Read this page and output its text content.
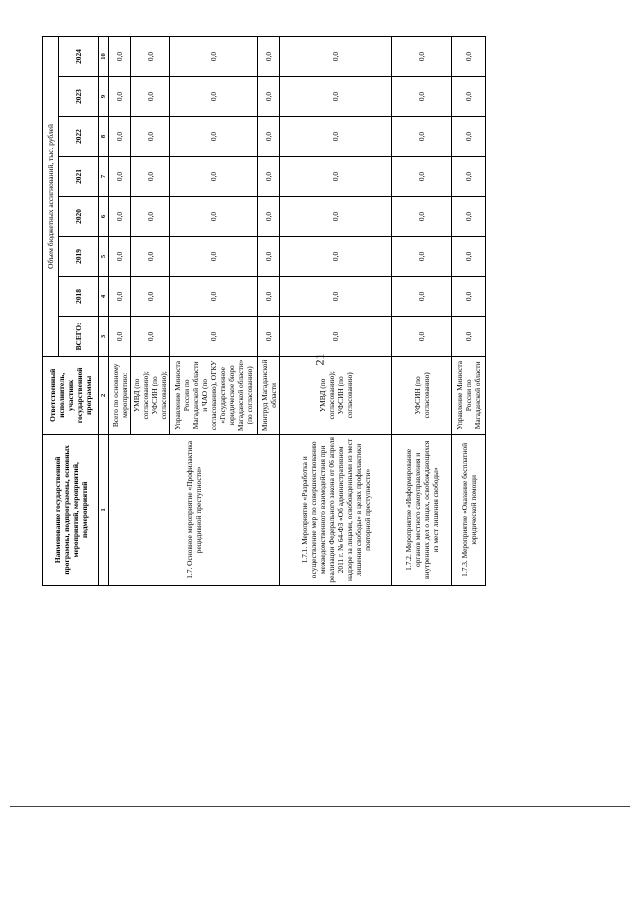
21
Наименование государственной программы, подпрограммы, основных мероприятий, мероприятий, подмероприятий	Ответственный исполнитель, участник государственной программы	Объем бюджетных ассигнований, тыс. рублей							
		ВСЕГО:	2018	2019	2020	2021	2022	2023	2024
1	2	3	4	5	6	7	8	9	10
1.7. Основное мероприятие «Профилактика рецидивной преступности»	Всего по основному мероприятию:	0,0	0,0	0,0	0,0	0,0	0,0	0,0	0,0
	УМВД (по согласованию); УФСИН (по согласованию);	0,0	0,0	0,0	0,0	0,0	0,0	0,0	0,0
	Управление Минюста России по Магаданской области и ЧАО (по согласованию), ОГКУ «Государственное юридическое бюро Магаданской области» (по согласованию)	0,0	0,0	0,0	0,0	0,0	0,0	0,0	0,0
	Минтруд Магаданской области	0,0	0,0	0,0	0,0	0,0	0,0	0,0	0,0
1.7.1. Мероприятие «Разработка и осуществление мер по совершенствованию межведомственного взаимодействия при реализации Федерального закона от 06 апреля 2011 г. № 64-ФЗ «Об административном надзоре за лицами, освобожденными из мест лишения свободы» в целях профилактики повторной преступности»	УМВД (по согласованию); УФСИН (по согласованию)	0,0	0,0	0,0	0,0	0,0	0,0	0,0	0,0
1.7.2. Мероприятие «Информирование органов местного самоуправления и внутренних дел о лицах, освобождающихся из мест лишения свободы»	УФСИН (по согласованию)	0,0	0,0	0,0	0,0	0,0	0,0	0,0	0,0
1.7.3. Мероприятие «Оказание бесплатной юридической помощи	Управление Минюста России по Магаданской области	0,0	0,0	0,0	0,0	0,0	0,0	0,0	0,0
